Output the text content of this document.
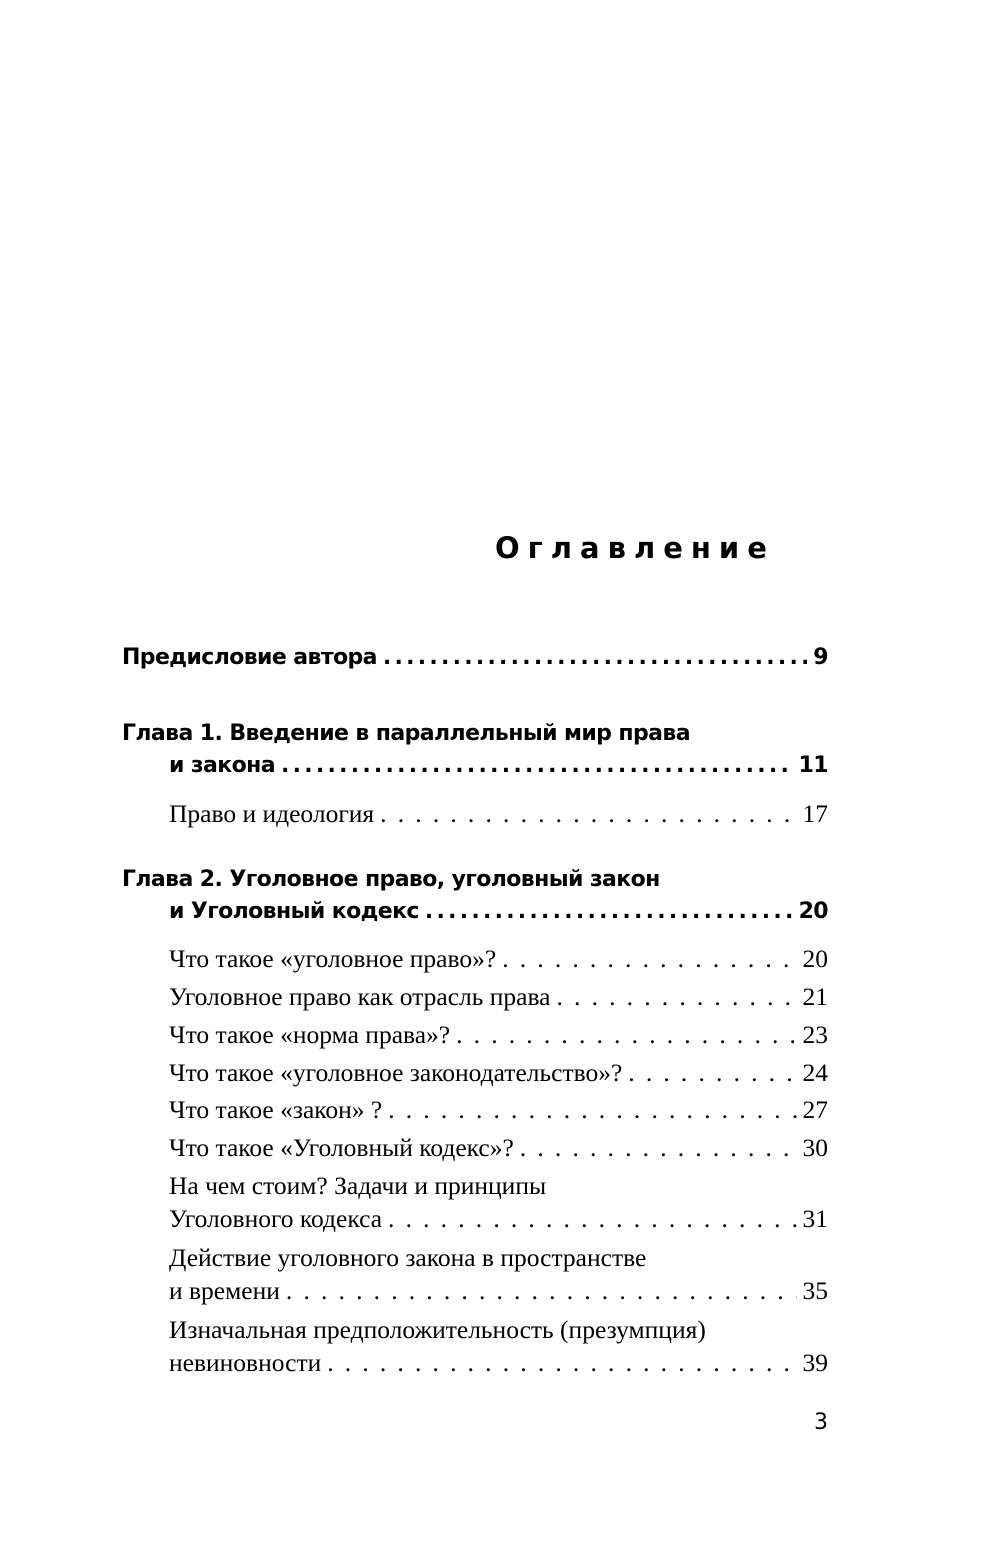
Оглавление
Предисловие автора . . .	9
Глава 1. Введение в параллельный мир права
и закона . . .	11
Право и идеология . . .	17
Глава 2. Уголовное право, уголовный закон
и Уголовный кодекс . . .	20
Что такое «уголовное право»? . . .	20
Уголовное право как отрасль права . . .	21
Что такое «норма права»? . . .	23
Что такое «уголовное законодательство»? . . .	24
Что такое «закон» ? . . .	27
Что такое «Уголовный кодекс»? . . .	30
На чем стоим? Задачи и принципы
Уголовного кодекса . . .	31
Действие уголовного закона в пространстве
и времени . . .	35
Изначальная предположительность (презумпция)
невиновности . . .	39
3
